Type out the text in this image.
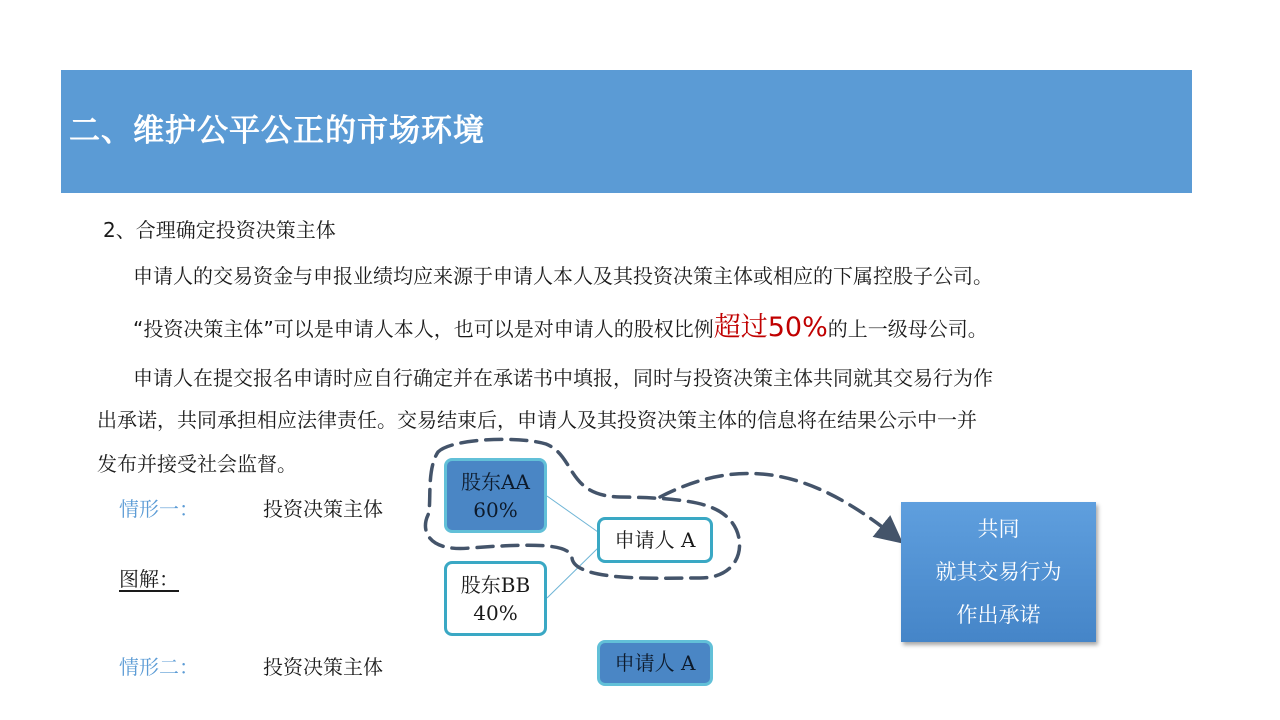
二、维护公平公正的市场环境
2、合理确定投资决策主体
申请人的交易资金与申报业绩均应来源于申请人本人及其投资决策主体或相应的下属控股子公司。
“投资决策主体”可以是申请人本人，也可以是对申请人的股权比例超过50%的上一级母公司。
申请人在提交报名申请时应自行确定并在承诺书中填报，同时与投资决策主体共同就其交易行为作
出承诺，共同承担相应法律责任。交易结束后，申请人及其投资决策主体的信息将在结果公示中一并
发布并接受社会监督。
情形一：	投资决策主体
图解：
情形二：	投资决策主体
股东AA
60%
股东BB
40%
申请人 A
申请人 A
共同
就其交易行为
作出承诺
